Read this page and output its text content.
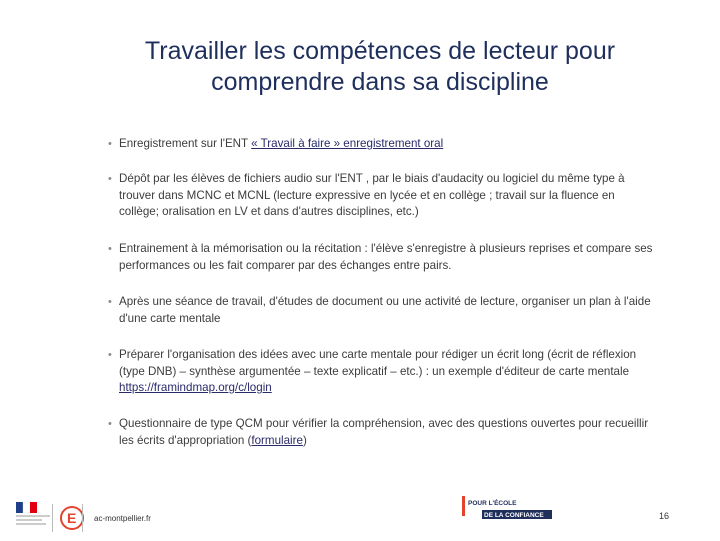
Travailler les compétences de lecteur pour
comprendre dans sa discipline
• Enregistrement sur l'ENT « Travail à faire » enregistrement oral
• Dépôt par les élèves de fichiers audio sur l'ENT , par le biais d'audacity ou logiciel du même type à trouver dans MCNC et MCNL (lecture expressive en lycée et en collège ; travail sur la fluence en collège; oralisation en LV et dans d'autres disciplines, etc.)
• Entrainement à la mémorisation ou la récitation : l'élève s'enregistre à plusieurs reprises et compare ses performances ou les fait comparer par des échanges entre pairs.
• Après une séance de travail, d'études de document ou une activité de lecture, organiser un plan à l'aide d'une carte mentale
• Préparer l'organisation des idées avec une carte mentale pour rédiger un écrit long (écrit de réflexion (type DNB) – synthèse argumentée – texte explicatif – etc.) : un exemple d'éditeur de carte mentale https://framindmap.org/c/login
• Questionnaire de type QCM pour vérifier la compréhension, avec des questions ouvertes pour recueillir les écrits d'appropriation (formulaire)
E ac-montpellier.fr
POUR L'ÉCOLE
DE LA CONFIANCE	16
